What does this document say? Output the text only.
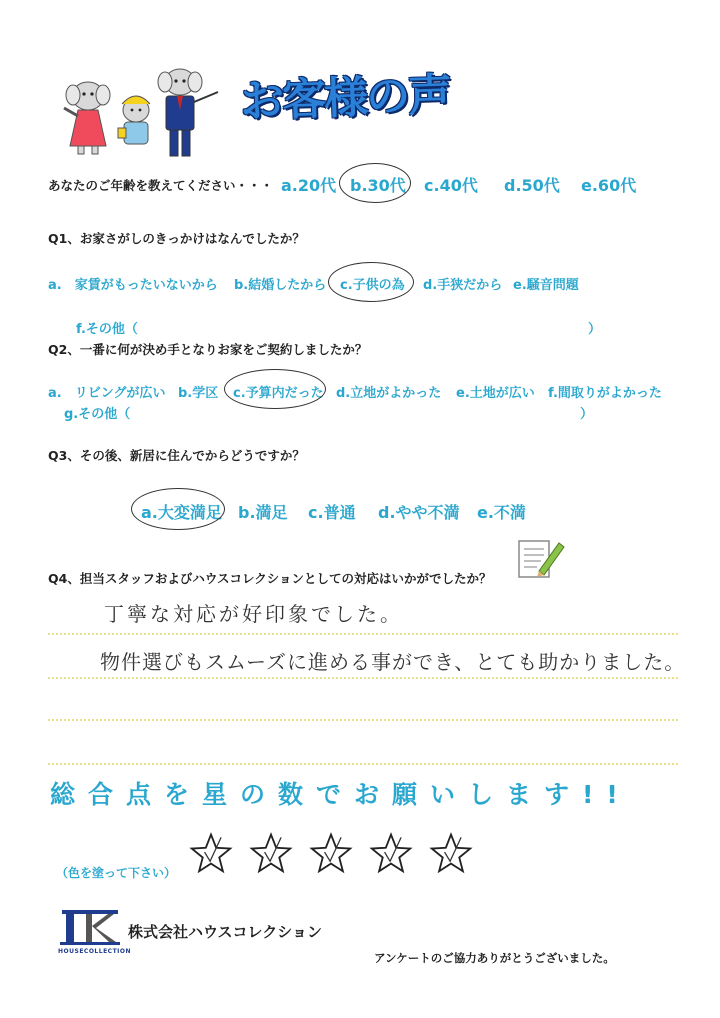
お客様の声
あなたのご年齢を教えてください・・・ a.20代 b.30代 c.40代 d.50代 e.60代
Q1、お家さがしのきっかけはなんでしたか？
a.　家賃がもったいないから b.結婚したから c.子供の為 d.手狭だから e.騒音問題
f.その他（	）
Q2、一番に何が決め手となりお家をご契約しましたか？
a.　リビングが広い b.学区 c.予算内だった d.立地がよかった e.土地が広い f.間取りがよかった
g.その他（	）
Q3、その後、新居に住んでからどうですか？
a.大変満足 b.満足 c.普通 d.やや不満 e.不満
Q4、担当スタッフおよびハウスコレクションとしての対応はいかがでしたか？
丁寧な対応が好印象でした。
物件選びもスムーズに進める事ができ、とても助かりました。
総合点を星の数でお願いします!!
（色を塗って下さい）
HOUSECOLLECTION
株式会社ハウスコレクション
アンケートのご協力ありがとうございました。
